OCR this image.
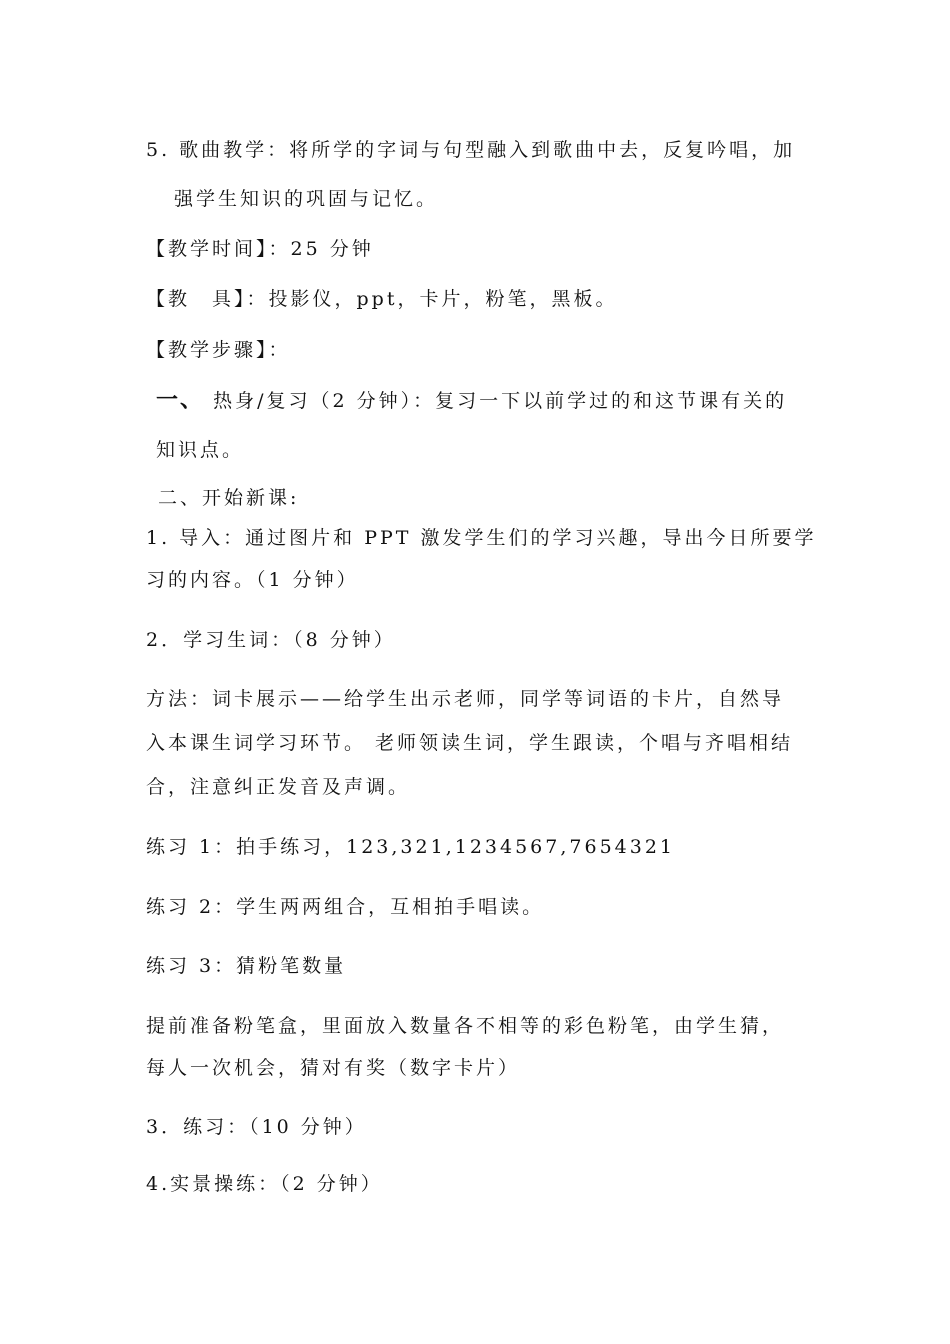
5. 歌曲教学：将所学的字词与句型融入到歌曲中去，反复吟唱，加
强学生知识的巩固与记忆。
【教学时间】：25 分钟
【教　具】：投影仪，ppt，卡片，粉笔，黑板。
【教学步骤】：
一、 热身/复习（2 分钟）：复习一下以前学过的和这节课有关的
知识点。
二、开始新课:
1. 导入：通过图片和 PPT 激发学生们的学习兴趣，导出今日所要学
习的内容。（1 分钟）
2．学习生词：（8 分钟）
方法：词卡展示——给学生出示老师，同学等词语的卡片，自然导
入本课生词学习环节。 老师领读生词，学生跟读，个唱与齐唱相结
合，注意纠正发音及声调。
练习 1：拍手练习，123,321,1234567,7654321
练习 2：学生两两组合，互相拍手唱读。
练习 3：猜粉笔数量
提前准备粉笔盒，里面放入数量各不相等的彩色粉笔，由学生猜，
每人一次机会，猜对有奖（数字卡片）
3．练习：（10 分钟）
4.实景操练：（2 分钟）
